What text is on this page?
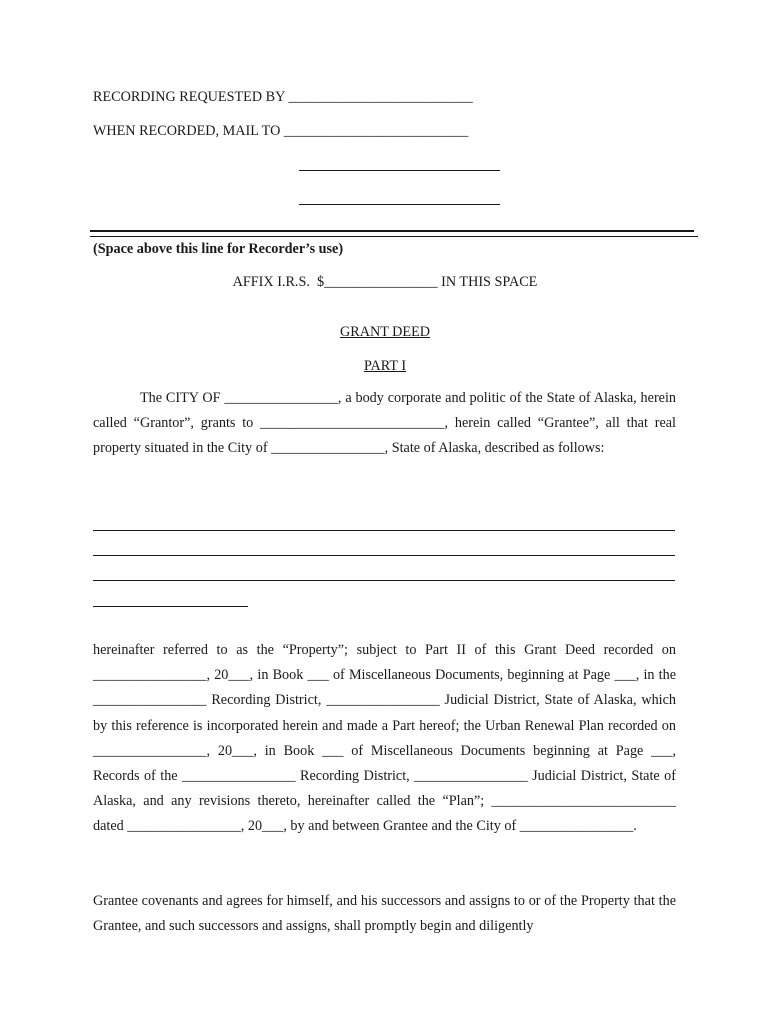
RECORDING REQUESTED BY __________________________
WHEN RECORDED, MAIL TO __________________________
(Space above this line for Recorder’s use)
AFFIX I.R.S.  $________________ IN THIS SPACE
GRANT DEED
PART I
The CITY OF ________________, a body corporate and politic of the State of Alaska, herein called “Grantor”, grants to __________________________, herein called “Grantee”, all that real property situated in the City of ________________, State of Alaska, described as follows:
hereinafter referred to as the “Property”; subject to Part II of this Grant Deed recorded on ________________, 20___, in Book ___ of Miscellaneous Documents, beginning at Page ___, in the ________________ Recording District, ________________ Judicial District, State of Alaska, which by this reference is incorporated herein and made a Part hereof; the Urban Renewal Plan recorded on ________________, 20___, in Book ___ of Miscellaneous Documents beginning at Page ___, Records of the ________________ Recording District, ________________ Judicial District, State of Alaska, and any revisions thereto, hereinafter called the “Plan”; __________________________ dated ________________, 20___, by and between Grantee and the City of ________________.
Grantee covenants and agrees for himself, and his successors and assigns to or of the Property that the Grantee, and such successors and assigns, shall promptly begin and diligently
